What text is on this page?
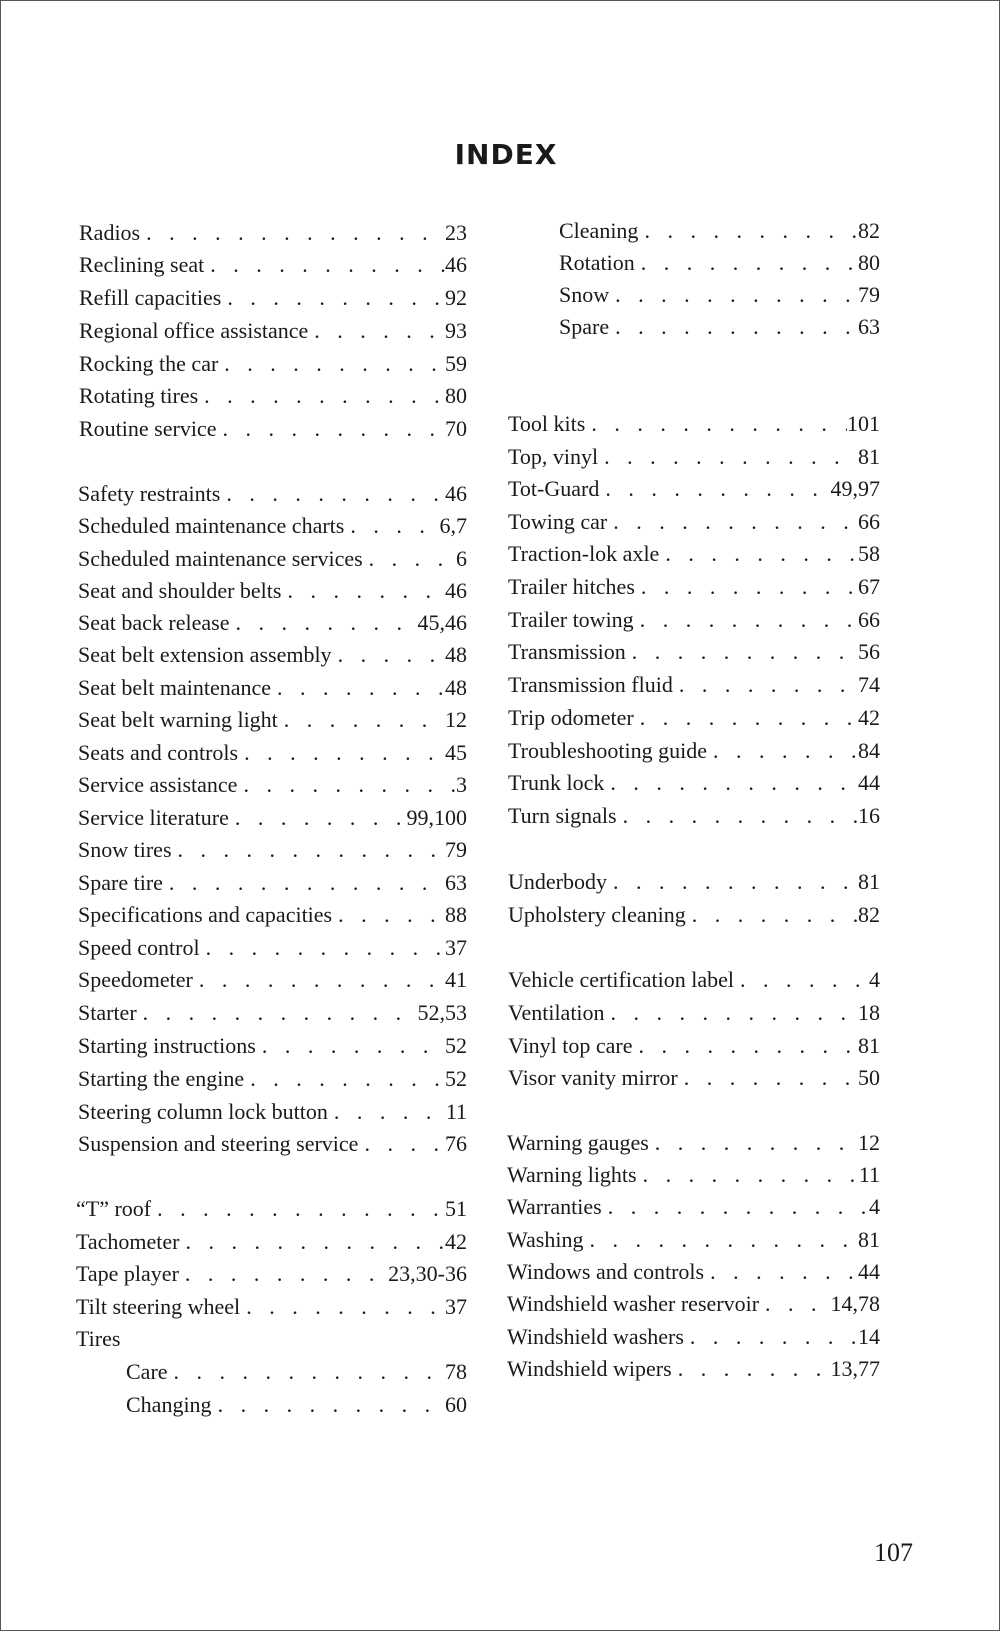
INDEX
Radios . . .	23
Reclining seat . . .	46
Refill capacities . . .	92
Regional office assistance . . .	93
Rocking the car . . .	59
Rotating tires . . .	80
Routine service . . .	70
Safety restraints . . .	46
Scheduled maintenance charts . . .	6,7
Scheduled maintenance services . . .	6
Seat and shoulder belts . . .	46
Seat back release . . .	45,46
Seat belt extension assembly . . .	48
Seat belt maintenance . . .	48
Seat belt warning light . . .	12
Seats and controls . . .	45
Service assistance . . .	3
Service literature . . .	99,100
Snow tires . . .	79
Spare tire . . .	63
Specifications and capacities . . .	88
Speed control . . .	37
Speedometer . . .	41
Starter . . .	52,53
Starting instructions . . .	52
Starting the engine . . .	52
Steering column lock button . . .	11
Suspension and steering service . . .	76
“T” roof . . .	51
Tachometer . . .	42
Tape player . . .	23,30-36
Tilt steering wheel . . .	37
Tires
Care . . .	78
Changing . . .	60
Cleaning . . .	82
Rotation . . .	80
Snow . . .	79
Spare . . .	63
Tool kits . . .	101
Top, vinyl . . .	81
Tot-Guard . . .	49,97
Towing car . . .	66
Traction-lok axle . . .	58
Trailer hitches . . .	67
Trailer towing . . .	66
Transmission . . .	56
Transmission fluid . . .	74
Trip odometer . . .	42
Troubleshooting guide . . .	84
Trunk lock . . .	44
Turn signals . . .	16
Underbody . . .	81
Upholstery cleaning . . .	82
Vehicle certification label . . .	4
Ventilation . . .	18
Vinyl top care . . .	81
Visor vanity mirror . . .	50
Warning gauges . . .	12
Warning lights . . .	11
Warranties . . .	4
Washing . . .	81
Windows and controls . . .	44
Windshield washer reservoir . . .	14,78
Windshield washers . . .	14
Windshield wipers . . .	13,77
107
